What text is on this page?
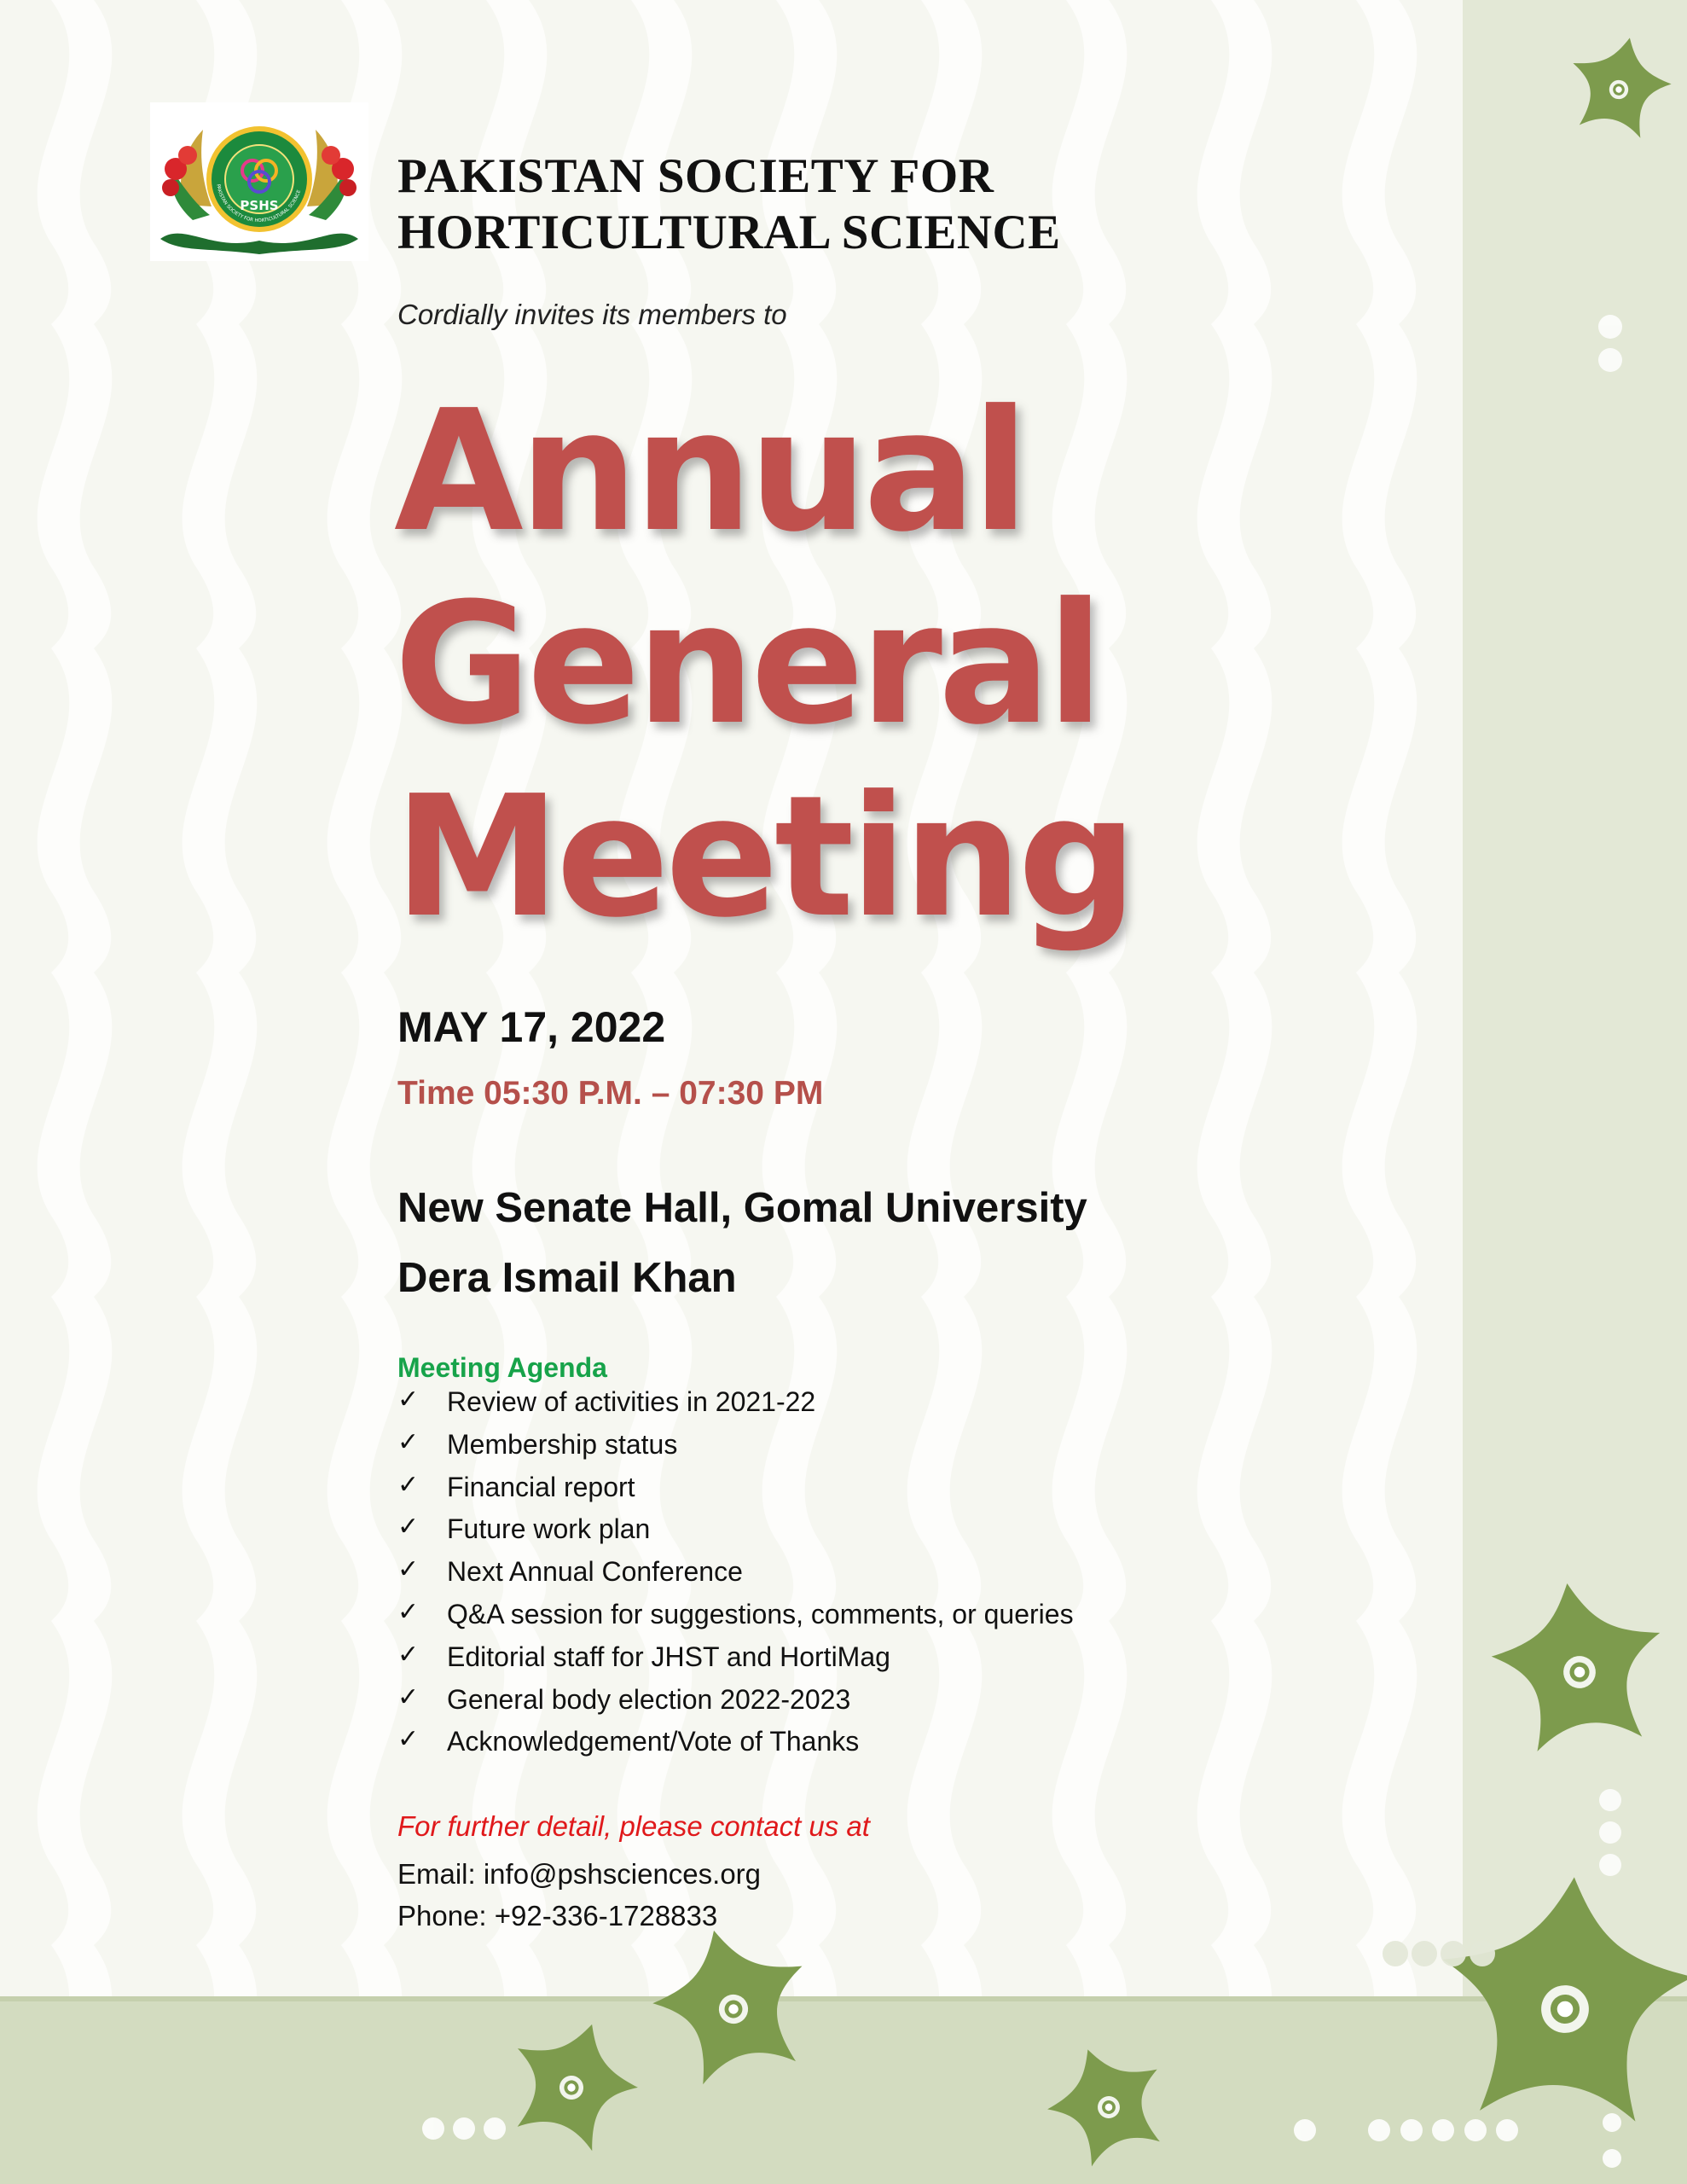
PSHS
PAKISTAN SOCIETY FOR HORTICULTURAL SCIENCE PAKISTAN SOCIETY FOR
HORTICULTURAL SCIENCE
Cordially invites its members to
Annual
General
Meeting
MAY 17, 2022
Time 05:30 P.M. – 07:30 PM
New Senate Hall, Gomal University
Dera Ismail Khan
Meeting Agenda
✓ Review of activities in 2021-22
✓ Membership status
✓ Financial report
✓ Future work plan
✓ Next Annual Conference
✓ Q&A session for suggestions, comments, or queries
✓ Editorial staff for JHST and HortiMag
✓ General body election 2022-2023
✓ Acknowledgement/Vote of Thanks
For further detail, please contact us at
Email: info@pshsciences.org
Phone: +92-336-1728833
